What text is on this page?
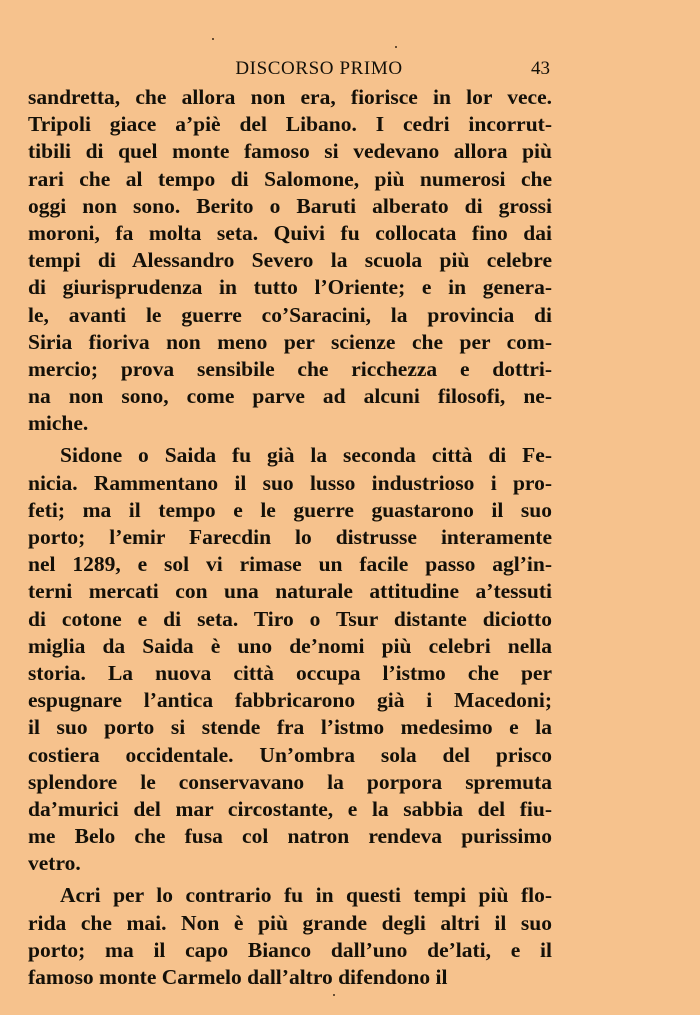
DISCORSO PRIMO	43
sandretta, che allora non era, fiorisce in lor vece.
Tripoli giace a’piè del Libano. I cedri incorrut-
tibili di quel monte famoso si vedevano allora più
rari che al tempo di Salomone, più numerosi che
oggi non sono. Berito o Baruti alberato di grossi
moroni, fa molta seta. Quivi fu collocata fino dai
tempi di Alessandro Severo la scuola più celebre
di giurisprudenza in tutto l’Oriente; e in genera-
le, avanti le guerre co’Saracini, la provincia di
Siria fioriva non meno per scienze che per com-
mercio; prova sensibile che ricchezza e dottri-
na non sono, come parve ad alcuni filosofi, ne-
miche.
Sidone o Saida fu già la seconda città di Fe-
nicia. Rammentano il suo lusso industrioso i pro-
feti; ma il tempo e le guerre guastarono il suo
porto; l’emir Farecdin lo distrusse interamente
nel 1289, e sol vi rimase un facile passo agl’in-
terni mercati con una naturale attitudine a’tessuti
di cotone e di seta. Tiro o Tsur distante diciotto
miglia da Saida è uno de’nomi più celebri nella
storia. La nuova città occupa l’istmo che per
espugnare l’antica fabbricarono già i Macedoni;
il suo porto si stende fra l’istmo medesimo e la
costiera occidentale. Un’ombra sola del prisco
splendore le conservavano la porpora spremuta
da’murici del mar circostante, e la sabbia del fiu-
me Belo che fusa col natron rendeva purissimo
vetro.
Acri per lo contrario fu in questi tempi più flo-
rida che mai. Non è più grande degli altri il suo
porto; ma il capo Bianco dall’uno de’lati, e il
famoso monte Carmelo dall’altro difendono il
